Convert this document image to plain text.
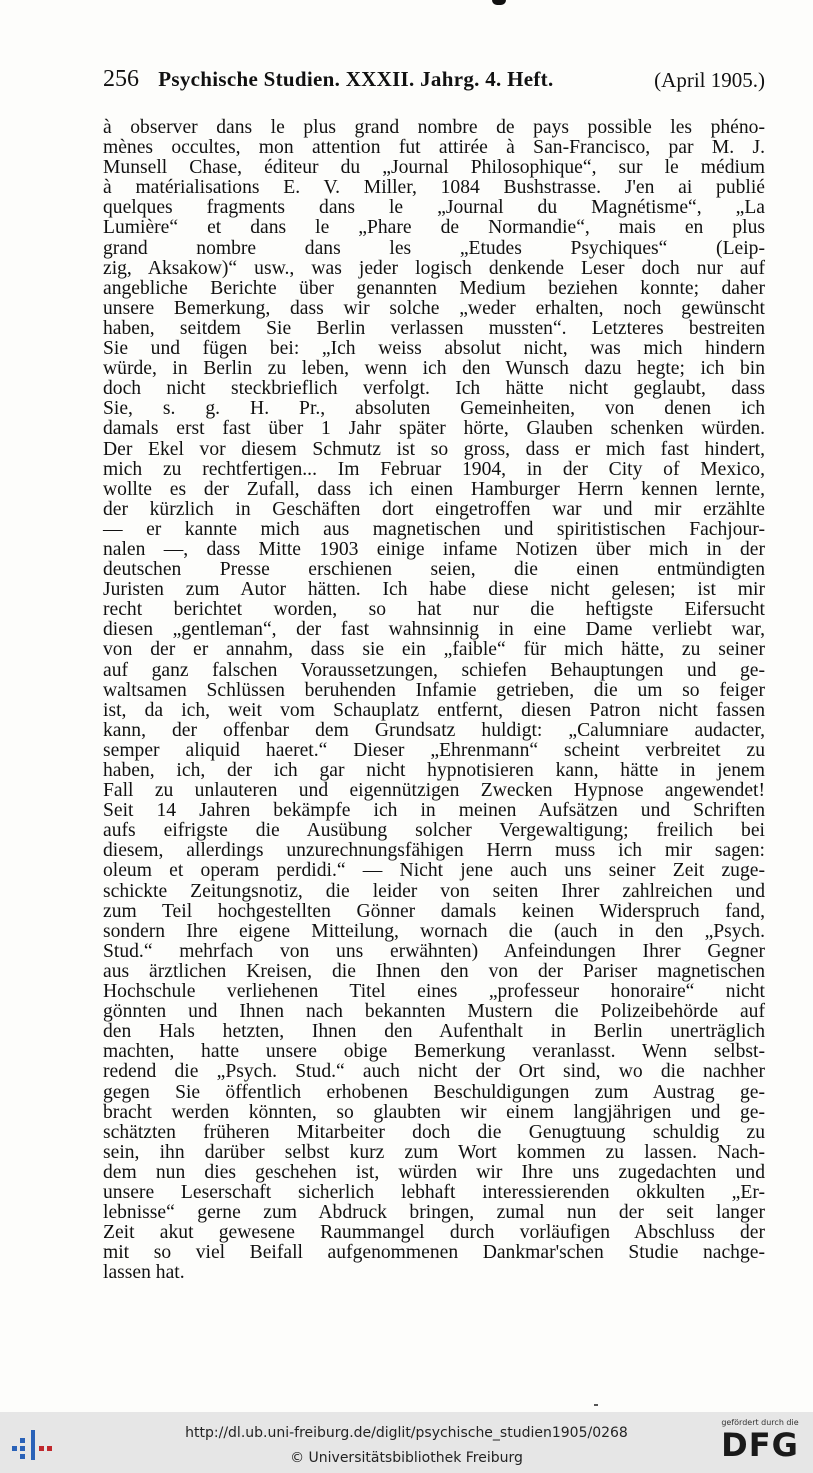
256 Psychische Studien. XXXII. Jahrg. 4. Heft.	(April 1905.)
à observer dans le plus grand nombre de pays possible les phéno-
mènes occultes, mon attention fut attirée à San-Francisco, par M. J.
Munsell Chase, éditeur du „Journal Philosophique“, sur le médium
à matérialisations E. V. Miller, 1084 Bushstrasse. J'en ai publié
quelques fragments dans le „Journal du Magnétisme“, „La
Lumière“ et dans le „Phare de Normandie“, mais en plus
grand nombre dans les „Etudes Psychiques“ (Leip-
zig, Aksakow)“ usw., was jeder logisch denkende Leser doch nur auf
angebliche Berichte über genannten Medium beziehen konnte; daher
unsere Bemerkung, dass wir solche „weder erhalten, noch gewünscht
haben, seitdem Sie Berlin verlassen mussten“. Letzteres bestreiten
Sie und fügen bei: „Ich weiss absolut nicht, was mich hindern
würde, in Berlin zu leben, wenn ich den Wunsch dazu hegte; ich bin
doch nicht steckbrieflich verfolgt. Ich hätte nicht geglaubt, dass
Sie, s. g. H. Pr., absoluten Gemeinheiten, von denen ich
damals erst fast über 1 Jahr später hörte, Glauben schenken würden.
Der Ekel vor diesem Schmutz ist so gross, dass er mich fast hindert,
mich zu rechtfertigen... Im Februar 1904, in der City of Mexico,
wollte es der Zufall, dass ich einen Hamburger Herrn kennen lernte,
der kürzlich in Geschäften dort eingetroffen war und mir erzählte
— er kannte mich aus magnetischen und spiritistischen Fachjour-
nalen —, dass Mitte 1903 einige infame Notizen über mich in der
deutschen Presse erschienen seien, die einen entmündigten
Juristen zum Autor hätten. Ich habe diese nicht gelesen; ist mir
recht berichtet worden, so hat nur die heftigste Eifersucht
diesen „gentleman“, der fast wahnsinnig in eine Dame verliebt war,
von der er annahm, dass sie ein „faible“ für mich hätte, zu seiner
auf ganz falschen Voraussetzungen, schiefen Behauptungen und ge-
waltsamen Schlüssen beruhenden Infamie getrieben, die um so feiger
ist, da ich, weit vom Schauplatz entfernt, diesen Patron nicht fassen
kann, der offenbar dem Grundsatz huldigt: „Calumniare audacter,
semper aliquid haeret.“ Dieser „Ehrenmann“ scheint verbreitet zu
haben, ich, der ich gar nicht hypnotisieren kann, hätte in jenem
Fall zu unlauteren und eigennützigen Zwecken Hypnose angewendet!
Seit 14 Jahren bekämpfe ich in meinen Aufsätzen und Schriften
aufs eifrigste die Ausübung solcher Vergewaltigung; freilich bei
diesem, allerdings unzurechnungsfähigen Herrn muss ich mir sagen:
oleum et operam perdidi.“ — Nicht jene auch uns seiner Zeit zuge-
schickte Zeitungsnotiz, die leider von seiten Ihrer zahlreichen und
zum Teil hochgestellten Gönner damals keinen Widerspruch fand,
sondern Ihre eigene Mitteilung, wornach die (auch in den „Psych.
Stud.“ mehrfach von uns erwähnten) Anfeindungen Ihrer Gegner
aus ärztlichen Kreisen, die Ihnen den von der Pariser magnetischen
Hochschule verliehenen Titel eines „professeur honoraire“ nicht
gönnten und Ihnen nach bekannten Mustern die Polizeibehörde auf
den Hals hetzten, Ihnen den Aufenthalt in Berlin unerträglich
machten, hatte unsere obige Bemerkung veranlasst. Wenn selbst-
redend die „Psych. Stud.“ auch nicht der Ort sind, wo die nachher
gegen Sie öffentlich erhobenen Beschuldigungen zum Austrag ge-
bracht werden könnten, so glaubten wir einem langjährigen und ge-
schätzten früheren Mitarbeiter doch die Genugtuung schuldig zu
sein, ihn darüber selbst kurz zum Wort kommen zu lassen. Nach-
dem nun dies geschehen ist, würden wir Ihre uns zugedachten und
unsere Leserschaft sicherlich lebhaft interessierenden okkulten „Er-
lebnisse“ gerne zum Abdruck bringen, zumal nun der seit langer
Zeit akut gewesene Raummangel durch vorläufigen Abschluss der
mit so viel Beifall aufgenommenen Dankmar'schen Studie nachge-
lassen hat.
http://dl.ub.uni-freiburg.de/diglit/psychische_studien1905/0268
© Universitätsbibliothek Freiburg
gefördert durch die
DFG
